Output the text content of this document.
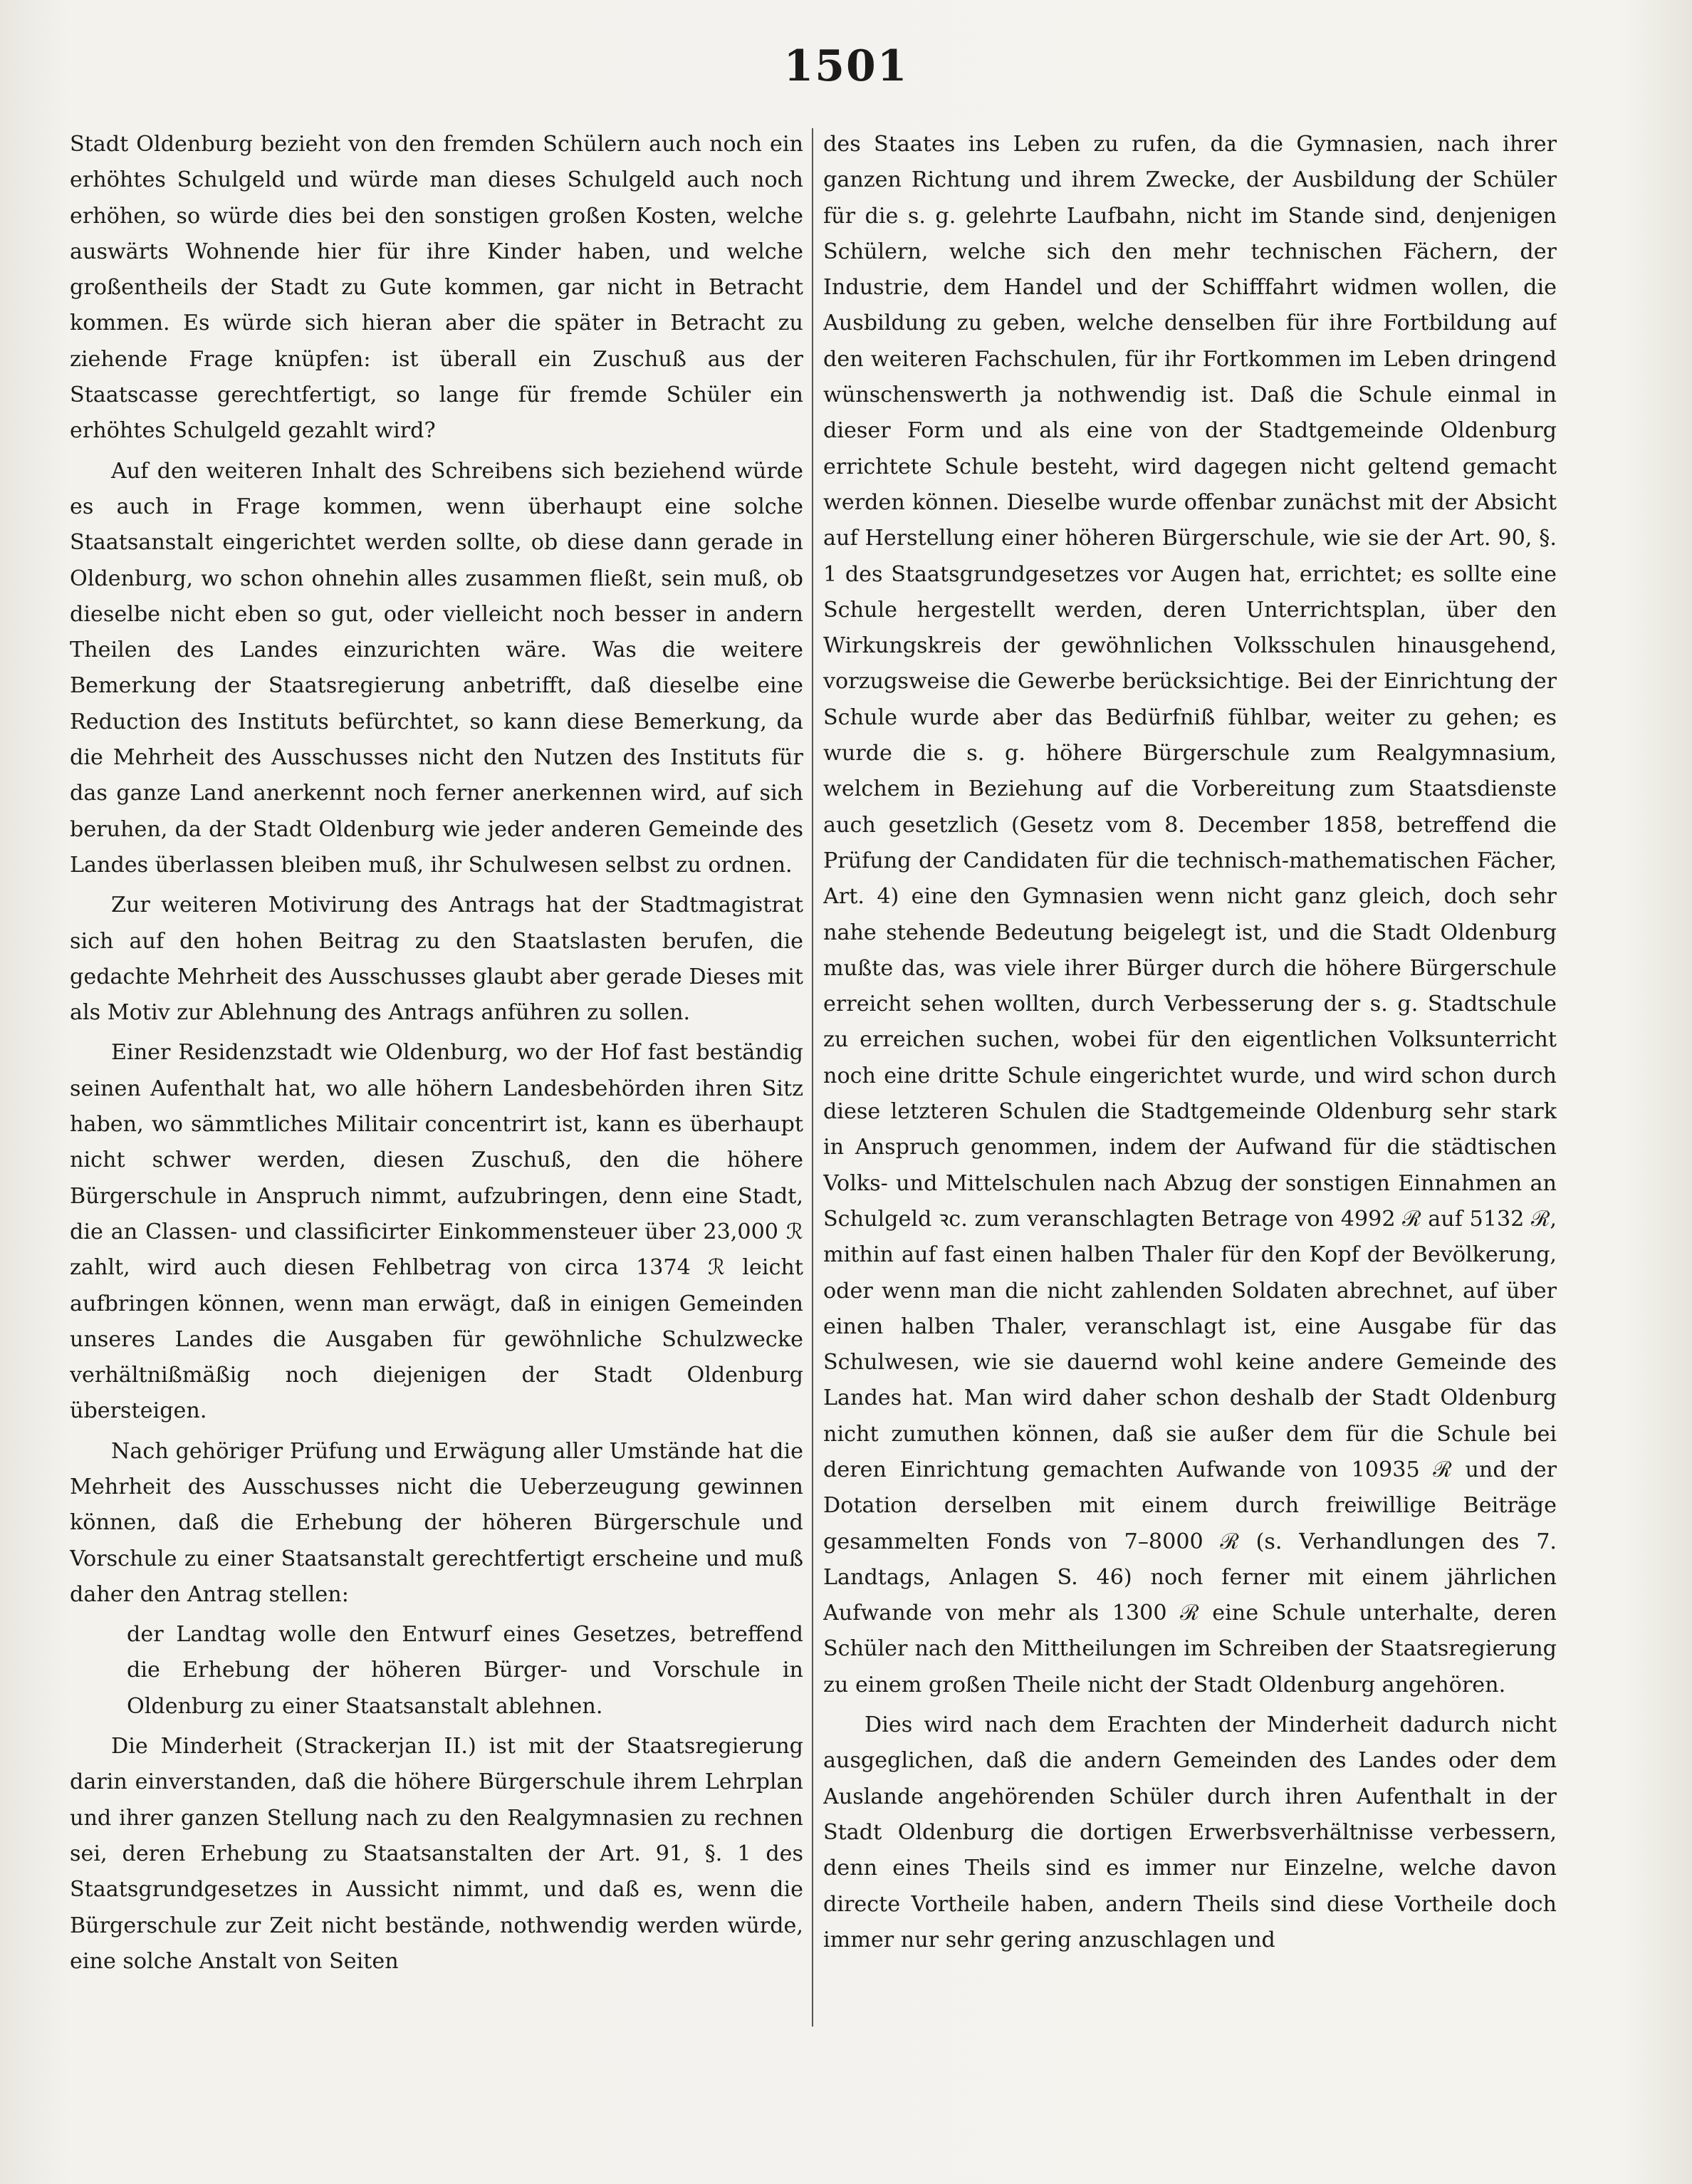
1501

Stadt Oldenburg bezieht von den fremden Schülern auch noch ein erhöhtes Schulgeld und würde man dieses Schulgeld auch noch erhöhen, so würde dies bei den sonstigen großen Kosten, welche auswärts Wohnende hier für ihre Kinder haben, und welche großentheils der Stadt zu Gute kommen, gar nicht in Betracht kommen. Es würde sich hieran aber die später in Betracht zu ziehende Frage knüpfen: ist überall ein Zuschuß aus der Staatscasse gerechtfertigt, so lange für fremde Schüler ein erhöhtes Schulgeld gezahlt wird?

Auf den weiteren Inhalt des Schreibens sich beziehend würde es auch in Frage kommen, wenn überhaupt eine solche Staatsanstalt eingerichtet werden sollte, ob diese dann gerade in Oldenburg, wo schon ohnehin alles zusammen fließt, sein muß, ob dieselbe nicht eben so gut, oder vielleicht noch besser in andern Theilen des Landes einzurichten wäre. Was die weitere Bemerkung der Staatsregierung anbetrifft, daß dieselbe eine Reduction des Instituts befürchtet, so kann diese Bemerkung, da die Mehrheit des Ausschusses nicht den Nutzen des Instituts für das ganze Land anerkennt noch ferner anerkennen wird, auf sich beruhen, da der Stadt Oldenburg wie jeder anderen Gemeinde des Landes überlassen bleiben muß, ihr Schulwesen selbst zu ordnen.

Zur weiteren Motivirung des Antrags hat der Stadtmagistrat sich auf den hohen Beitrag zu den Staatslasten berufen, die gedachte Mehrheit des Ausschusses glaubt aber gerade Dieses mit als Motiv zur Ablehnung des Antrags anführen zu sollen.

Einer Residenzstadt wie Oldenburg, wo der Hof fast beständig seinen Aufenthalt hat, wo alle höhern Landesbehörden ihren Sitz haben, wo sämmtliches Militair concentrirt ist, kann es überhaupt nicht schwer werden, diesen Zuschuß, den die höhere Bürgerschule in Anspruch nimmt, aufzubringen, denn eine Stadt, die an Classen- und classificirter Einkommensteuer über 23,000 ℛ zahlt, wird auch diesen Fehlbetrag von circa 1374 ℛ leicht aufbringen können, wenn man erwägt, daß in einigen Gemeinden unseres Landes die Ausgaben für gewöhnliche Schulzwecke verhältnißmäßig noch diejenigen der Stadt Oldenburg übersteigen.

Nach gehöriger Prüfung und Erwägung aller Umstände hat die Mehrheit des Ausschusses nicht die Ueberzeugung gewinnen können, daß die Erhebung der höheren Bürgerschule und Vorschule zu einer Staatsanstalt gerechtfertigt erscheine und muß daher den Antrag stellen:

der Landtag wolle den Entwurf eines Gesetzes, betreffend die Erhebung der höheren Bürger- und Vorschule in Oldenburg zu einer Staatsanstalt ablehnen.

Die Minderheit (Strackerjan II.) ist mit der Staatsregierung darin einverstanden, daß die höhere Bürgerschule ihrem Lehrplan und ihrer ganzen Stellung nach zu den Realgymnasien zu rechnen sei, deren Erhebung zu Staatsanstalten der Art. 91, §. 1 des Staatsgrundgesetzes in Aussicht nimmt, und daß es, wenn die Bürgerschule zur Zeit nicht bestände, nothwendig werden würde, eine solche Anstalt von Seiten

des Staates ins Leben zu rufen, da die Gymnasien, nach ihrer ganzen Richtung und ihrem Zwecke, der Ausbildung der Schüler für die s. g. gelehrte Laufbahn, nicht im Stande sind, denjenigen Schülern, welche sich den mehr technischen Fächern, der Industrie, dem Handel und der Schifffahrt widmen wollen, die Ausbildung zu geben, welche denselben für ihre Fortbildung auf den weiteren Fachschulen, für ihr Fortkommen im Leben dringend wünschenswerth ja nothwendig ist. Daß die Schule einmal in dieser Form und als eine von der Stadtgemeinde Oldenburg errichtete Schule besteht, wird dagegen nicht geltend gemacht werden können. Dieselbe wurde offenbar zunächst mit der Absicht auf Herstellung einer höheren Bürgerschule, wie sie der Art. 90, §. 1 des Staatsgrundgesetzes vor Augen hat, errichtet; es sollte eine Schule hergestellt werden, deren Unterrichtsplan, über den Wirkungskreis der gewöhnlichen Volksschulen hinausgehend, vorzugsweise die Gewerbe berücksichtige. Bei der Einrichtung der Schule wurde aber das Bedürfniß fühlbar, weiter zu gehen; es wurde die s. g. höhere Bürgerschule zum Realgymnasium, welchem in Beziehung auf die Vorbereitung zum Staatsdienste auch gesetzlich (Gesetz vom 8. December 1858, betreffend die Prüfung der Candidaten für die technisch-mathematischen Fächer, Art. 4) eine den Gymnasien wenn nicht ganz gleich, doch sehr nahe stehende Bedeutung beigelegt ist, und die Stadt Oldenburg mußte das, was viele ihrer Bürger durch die höhere Bürgerschule erreicht sehen wollten, durch Verbesserung der s. g. Stadtschule zu erreichen suchen, wobei für den eigentlichen Volksunterricht noch eine dritte Schule eingerichtet wurde, und wird schon durch diese letzteren Schulen die Stadtgemeinde Oldenburg sehr stark in Anspruch genommen, indem der Aufwand für die städtischen Volks- und Mittelschulen nach Abzug der sonstigen Einnahmen an Schulgeld ꝛc. zum veranschlagten Betrage von 4992 ℛ auf 5132 ℛ, mithin auf fast einen halben Thaler für den Kopf der Bevölkerung, oder wenn man die nicht zahlenden Soldaten abrechnet, auf über einen halben Thaler, veranschlagt ist, eine Ausgabe für das Schulwesen, wie sie dauernd wohl keine andere Gemeinde des Landes hat. Man wird daher schon deshalb der Stadt Oldenburg nicht zumuthen können, daß sie außer dem für die Schule bei deren Einrichtung gemachten Aufwande von 10935 ℛ und der Dotation derselben mit einem durch freiwillige Beiträge gesammelten Fonds von 7–8000 ℛ (s. Verhandlungen des 7. Landtags, Anlagen S. 46) noch ferner mit einem jährlichen Aufwande von mehr als 1300 ℛ eine Schule unterhalte, deren Schüler nach den Mittheilungen im Schreiben der Staatsregierung zu einem großen Theile nicht der Stadt Oldenburg angehören.

Dies wird nach dem Erachten der Minderheit dadurch nicht ausgeglichen, daß die andern Gemeinden des Landes oder dem Auslande angehörenden Schüler durch ihren Aufenthalt in der Stadt Oldenburg die dortigen Erwerbsverhältnisse verbessern, denn eines Theils sind es immer nur Einzelne, welche davon directe Vortheile haben, andern Theils sind diese Vortheile doch immer nur sehr gering anzuschlagen und
